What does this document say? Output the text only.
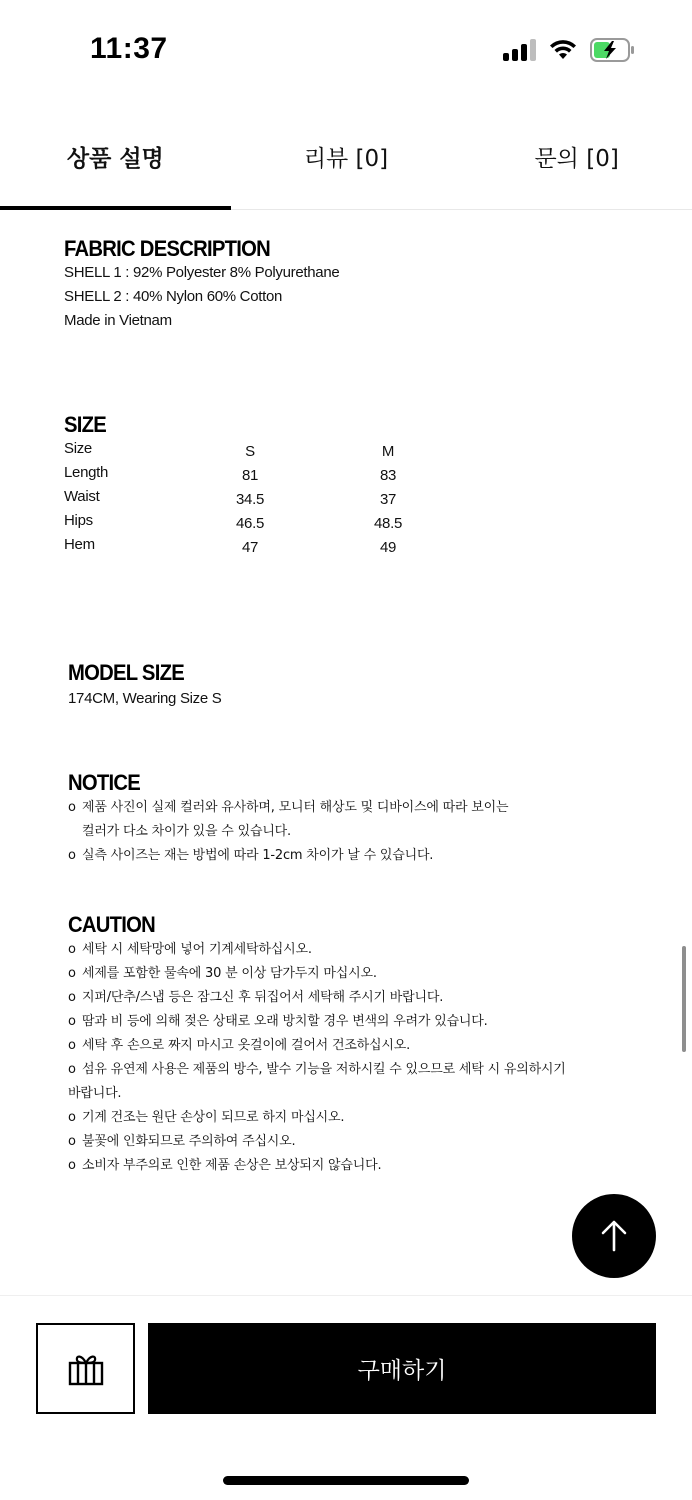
11:37
상품 설명	리뷰 [0]	문의 [0]
FABRIC DESCRIPTION
SHELL 1 : 92% Polyester 8% Polyurethane
SHELL 2 : 40% Nylon 60% Cotton
Made in Vietnam
SIZE
Size	S	M
Length	81	83
Waist	34.5	37
Hips	46.5	48.5
Hem	47	49
MODEL SIZE
174CM, Wearing Size S
NOTICE
o 제품 사진이 실제 컬러와 유사하며, 모니터 해상도 및 디바이스에 따라 보이는
컬러가 다소 차이가 있을 수 있습니다.
o 실측 사이즈는 재는 방법에 따라 1-2cm 차이가 날 수 있습니다.
CAUTION
o 세탁 시 세탁망에 넣어 기계세탁하십시오.
o 세제를 포함한 물속에 30 분 이상 담가두지 마십시오.
o 지퍼/단추/스냅 등은 잠그신 후 뒤집어서 세탁해 주시기 바랍니다.
o 땀과 비 등에 의해 젖은 상태로 오래 방치할 경우 변색의 우려가 있습니다.
o 세탁 후 손으로 짜지 마시고 옷걸이에 걸어서 건조하십시오.
o 섬유 유연제 사용은 제품의 방수, 발수 기능을 저하시킬 수 있으므로 세탁 시 유의하시기
바랍니다.
o 기계 건조는 원단 손상이 되므로 하지 마십시오.
o 불꽃에 인화되므로 주의하여 주십시오.
o 소비자 부주의로 인한 제품 손상은 보상되지 않습니다.
구매하기
